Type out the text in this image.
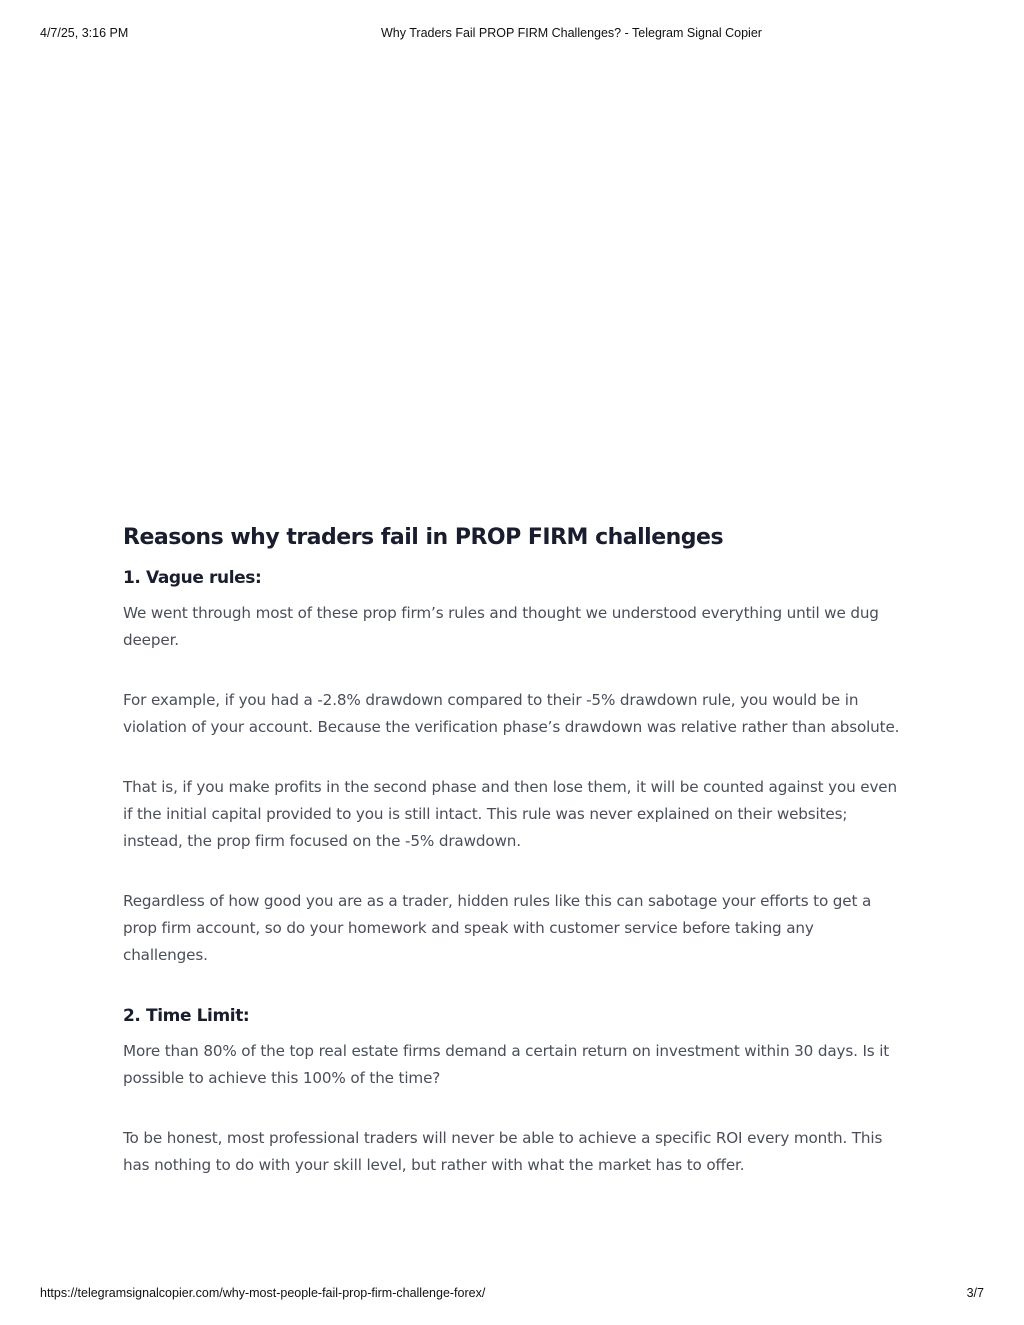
4/7/25, 3:16 PM	Why Traders Fail PROP FIRM Challenges? - Telegram Signal Copier
Reasons why traders fail in PROP FIRM challenges
1. Vague rules:

We went through most of these prop firm’s rules and thought we understood everything until we dug deeper.

For example, if you had a -2.8% drawdown compared to their -5% drawdown rule, you would be in violation of your account. Because the verification phase’s drawdown was relative rather than absolute.

That is, if you make profits in the second phase and then lose them, it will be counted against you even if the initial capital provided to you is still intact. This rule was never explained on their websites; instead, the prop firm focused on the -5% drawdown.

Regardless of how good you are as a trader, hidden rules like this can sabotage your efforts to get a prop firm account, so do your homework and speak with customer service before taking any challenges.

2. Time Limit:

More than 80% of the top real estate firms demand a certain return on investment within 30 days. Is it possible to achieve this 100% of the time?

To be honest, most professional traders will never be able to achieve a specific ROI every month. This has nothing to do with your skill level, but rather with what the market has to offer.

https://telegramsignalcopier.com/why-most-people-fail-prop-firm-challenge-forex/	3/7
